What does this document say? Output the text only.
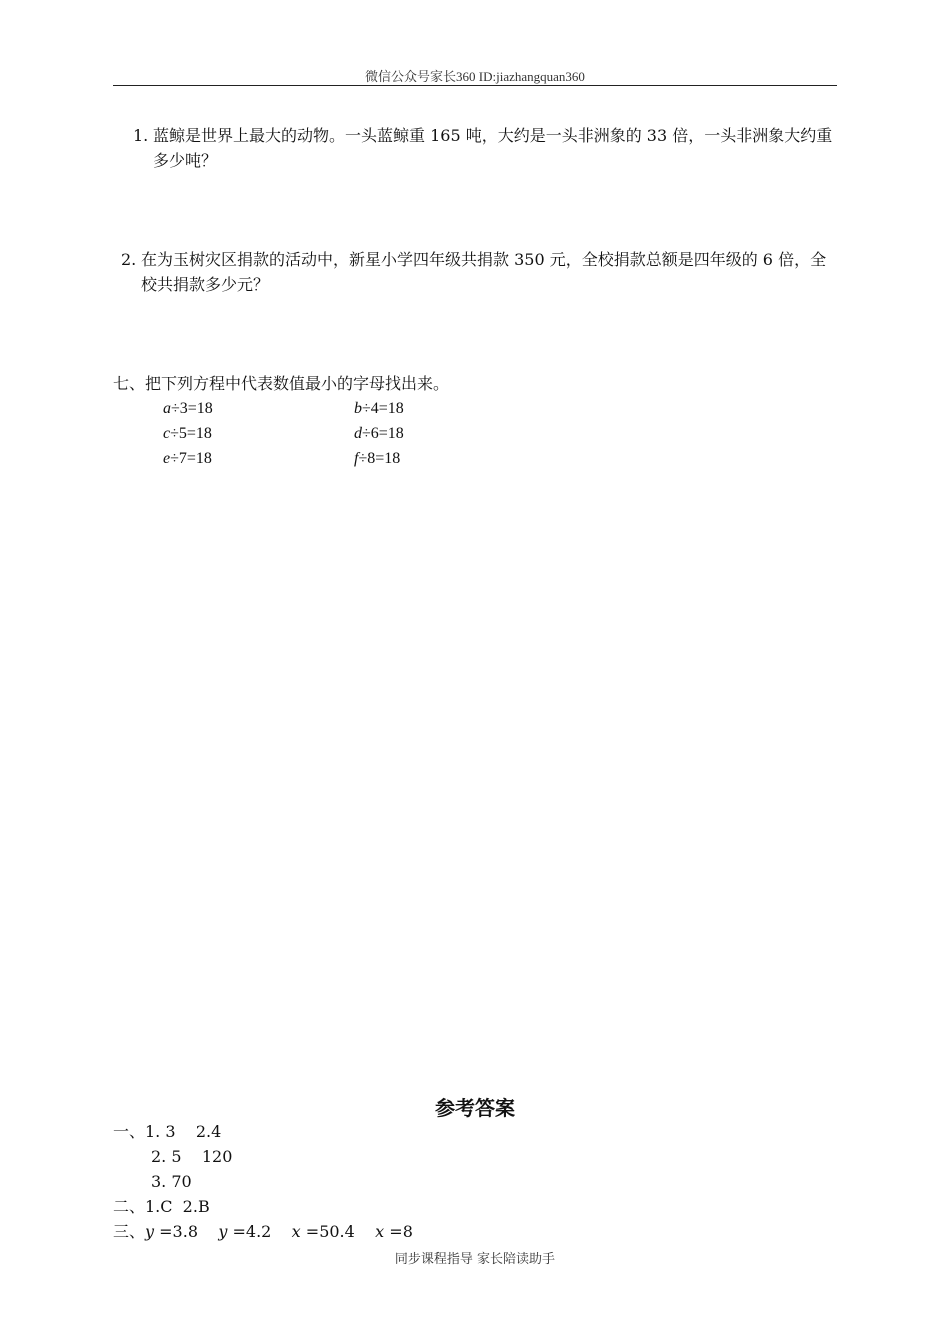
微信公众号家长360 ID:jiazhangquan360
1. 蓝鲸是世界上最大的动物。一头蓝鲸重 165 吨，大约是一头非洲象的 33 倍，一头非洲象大约重多少吨？
2. 在为玉树灾区捐款的活动中，新星小学四年级共捐款 350 元，全校捐款总额是四年级的 6 倍，全校共捐款多少元？
七、把下列方程中代表数值最小的字母找出来。
a÷3=18	b÷4=18
c÷5=18	d÷6=18
e÷7=18	f÷8=18
参考答案
一、1. 3    2.4
2. 5    120
3. 70
二、1.C  2.B
三、y =3.8 y =4.2 x =50.4 x =8
同步课程指导 家长陪读助手
